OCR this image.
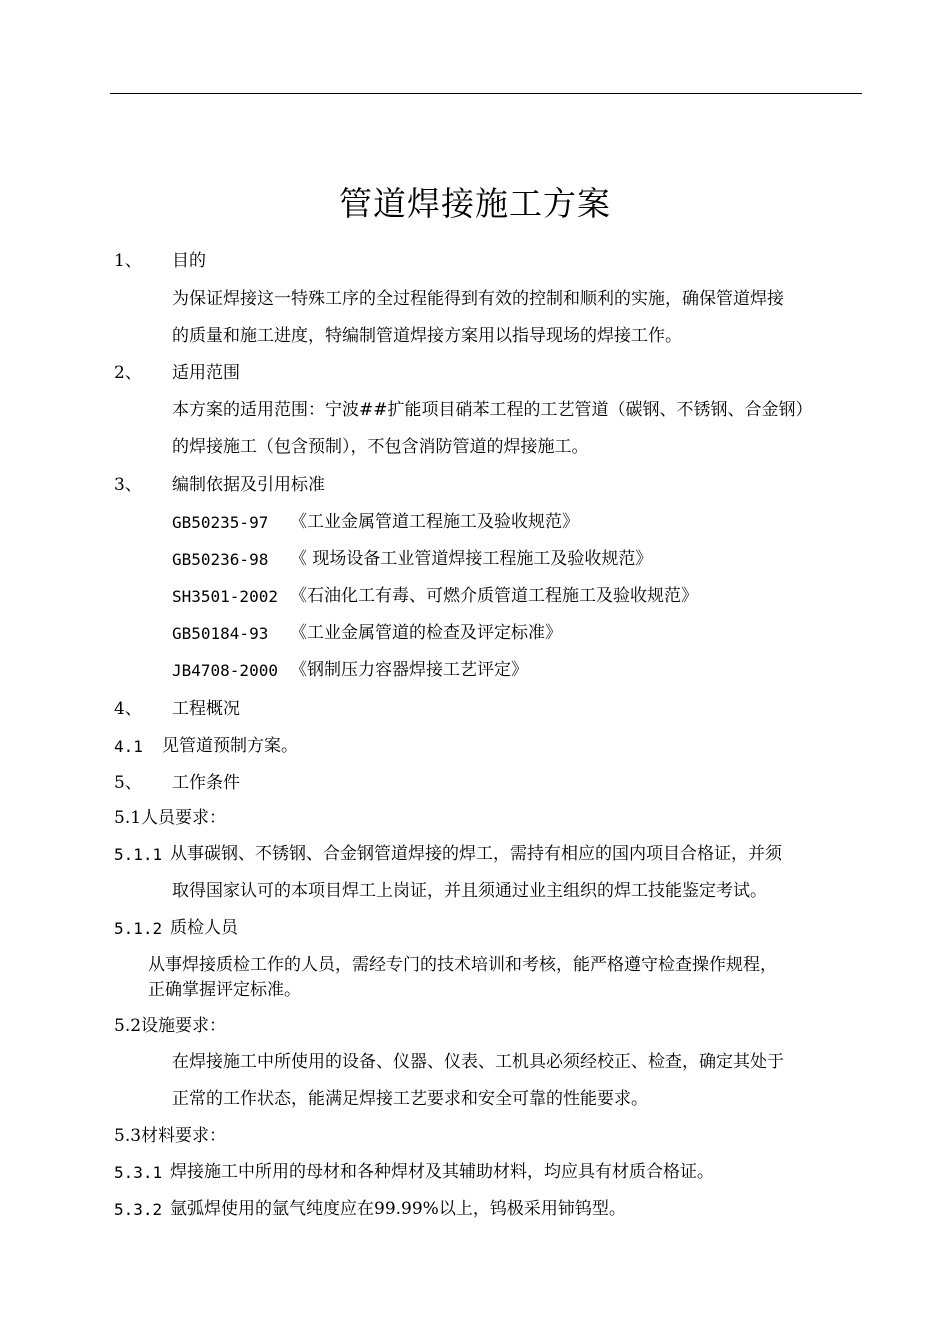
管道焊接施工方案
1、 目的
为保证焊接这一特殊工序的全过程能得到有效的控制和顺利的实施，确保管道焊接
的质量和施工进度，特编制管道焊接方案用以指导现场的焊接工作。
2、 适用范围
本方案的适用范围：宁波##扩能项目硝苯工程的工艺管道（碳钢、不锈钢、合金钢）
的焊接施工（包含预制），不包含消防管道的焊接施工。
3、 编制依据及引用标准
GB50235-97 《工业金属管道工程施工及验收规范》
GB50236-98 《 现场设备工业管道焊接工程施工及验收规范》
SH3501-2002 《石油化工有毒、可燃介质管道工程施工及验收规范》
GB50184-93 《工业金属管道的检查及评定标准》
JB4708-2000 《钢制压力容器焊接工艺评定》
4、 工程概况
4.1 见管道预制方案。
5、 工作条件
5.1人员要求：
5.1.1 从事碳钢、不锈钢、合金钢管道焊接的焊工，需持有相应的国内项目合格证，并须
取得国家认可的本项目焊工上岗证，并且须通过业主组织的焊工技能鉴定考试。
5.1.2 质检人员
从事焊接质检工作的人员，需经专门的技术培训和考核，能严格遵守检查操作规程，
正确掌握评定标准。
5.2设施要求：
在焊接施工中所使用的设备、仪器、仪表、工机具必须经校正、检查，确定其处于
正常的工作状态，能满足焊接工艺要求和安全可靠的性能要求。
5.3材料要求：
5.3.1 焊接施工中所用的母材和各种焊材及其辅助材料，均应具有材质合格证。
5.3.2 氩弧焊使用的氩气纯度应在99.99%以上，钨极采用铈钨型。
